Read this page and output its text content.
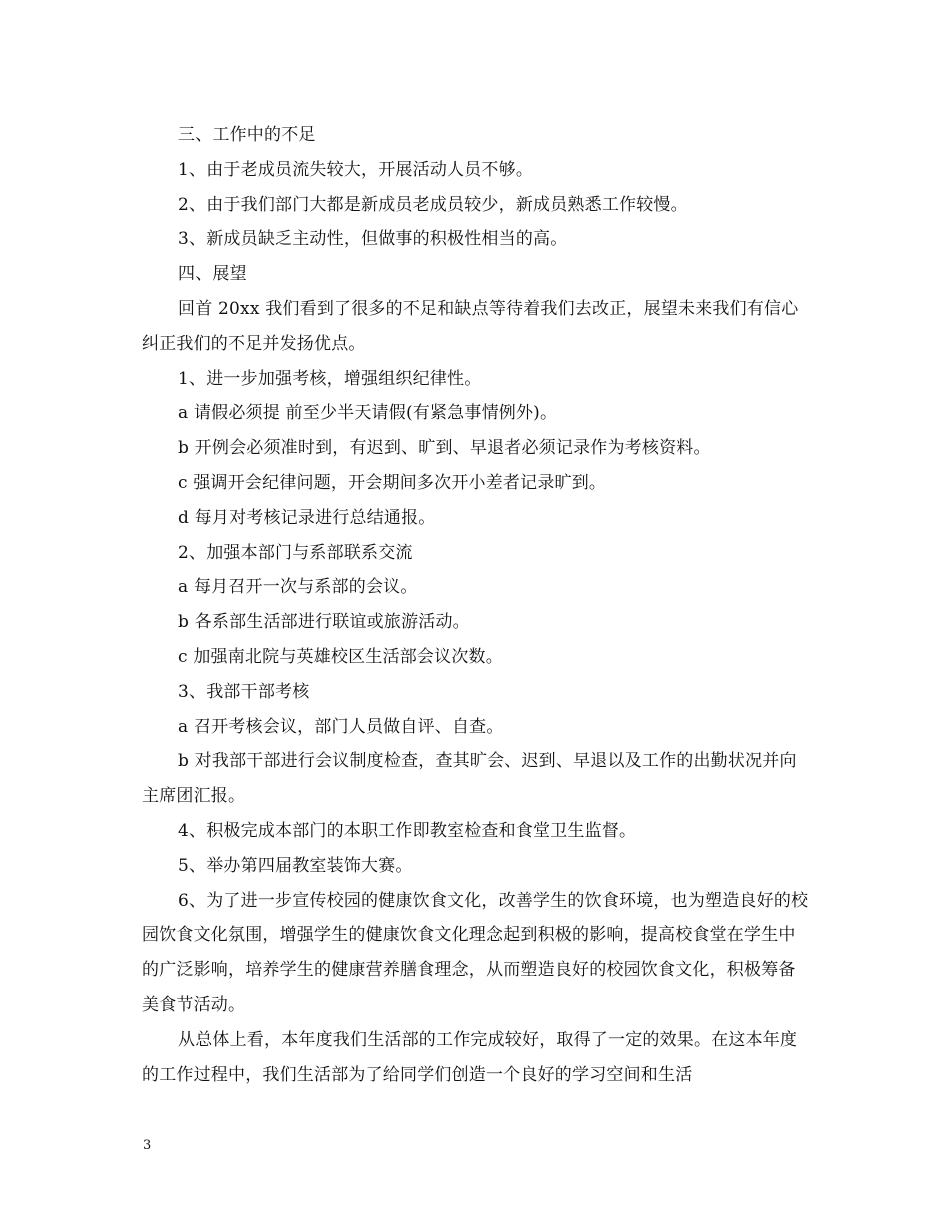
三、工作中的不足

1、由于老成员流失较大，开展活动人员不够。

2、由于我们部门大都是新成员老成员较少，新成员熟悉工作较慢。

3、新成员缺乏主动性，但做事的积极性相当的高。

四、展望

回首 20xx 我们看到了很多的不足和缺点等待着我们去改正，展望未来我们有信心纠正我们的不足并发扬优点。

1、进一步加强考核，增强组织纪律性。

a 请假必须提 前至少半天请假(有紧急事情例外)。

b 开例会必须准时到，有迟到、旷到、早退者必须记录作为考核资料。

c 强调开会纪律问题，开会期间多次开小差者记录旷到。

d 每月对考核记录进行总结通报。

2、加强本部门与系部联系交流

a 每月召开一次与系部的会议。

b 各系部生活部进行联谊或旅游活动。

c 加强南北院与英雄校区生活部会议次数。

3、我部干部考核

a 召开考核会议，部门人员做自评、自查。

b 对我部干部进行会议制度检查，查其旷会、迟到、早退以及工作的出勤状况并向主席团汇报。

4、积极完成本部门的本职工作即教室检查和食堂卫生监督。

5、举办第四届教室装饰大赛。

6、为了进一步宣传校园的健康饮食文化，改善学生的饮食环境，也为塑造良好的校园饮食文化氛围，增强学生的健康饮食文化理念起到积极的影响，提高校食堂在学生中的广泛影响，培养学生的健康营养膳食理念，从而塑造良好的校园饮食文化，积极筹备美食节活动。

从总体上看，本年度我们生活部的工作完成较好，取得了一定的效果。在这本年度的工作过程中，我们生活部为了给同学们创造一个良好的学习空间和生活

3
